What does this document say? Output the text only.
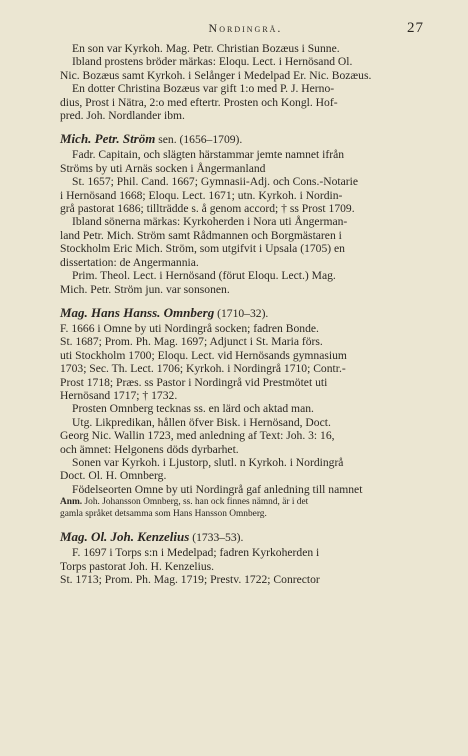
Nordingrå.	27
En son var Kyrkoh. Mag. Petr. Christian Bozæus i Sunne.
Ibland prostens bröder märkas: Eloqu. Lect. i Hernösand Ol.
Nic. Bozæus samt Kyrkoh. i Selånger i Medelpad Er. Nic. Bozæus.
En dotter Christina Bozæus var gift 1:o med P. J. Herno-
dius, Prost i Nätra, 2:o med eftertr. Prosten och Kongl. Hof-
pred. Joh. Nordlander ibm.
Mich. Petr. Ström sen. (1656–1709).
Fadr. Capitain, och slägten härstammar jemte namnet ifrån
Ströms by uti Arnäs socken i Ångermanland
St. 1657; Phil. Cand. 1667; Gymnasii-Adj. och Cons.-Notarie
i Hernösand 1668; Eloqu. Lect. 1671; utn. Kyrkoh. i Nordin-
grå pastorat 1686; tillträdde s. å genom accord; † ss Prost 1709.
Ibland sönerna märkas: Kyrkoherden i Nora uti Ångerman-
land Petr. Mich. Ström samt Rådmannen och Borgmästaren i
Stockholm Eric Mich. Ström, som utgifvit i Upsala (1705) en
dissertation: de Angermannia.
Prim. Theol. Lect. i Hernösand (förut Eloqu. Lect.) Mag.
Mich. Petr. Ström jun. var sonsonen.
Mag. Hans Hanss. Omnberg (1710–32).
F. 1666 i Omne by uti Nordingrå socken; fadren Bonde.
St. 1687; Prom. Ph. Mag. 1697; Adjunct i St. Maria förs.
uti Stockholm 1700; Eloqu. Lect. vid Hernösands gymnasium
1703; Sec. Th. Lect. 1706; Kyrkoh. i Nordingrå 1710; Contr.-
Prost 1718; Præs. ss Pastor i Nordingrå vid Prestmötet uti
Hernösand 1717; † 1732.
Prosten Omnberg tecknas ss. en lärd och aktad man.
Utg. Likpredikan, hållen öfver Bisk. i Hernösand, Doct.
Georg Nic. Wallin 1723, med anledning af Text: Joh. 3: 16,
och ämnet: Helgonens döds dyrbarhet.
Sonen var Kyrkoh. i Ljustorp, slutl. n Kyrkoh. i Nordingrå
Doct. Ol. H. Omnberg.
Födelseorten Omne by uti Nordingrå gaf anledning till namnet
Anm. Joh. Johansson Omnberg, ss. han ock finnes nämnd, är i det
gamla språket detsamma som Hans Hansson Omnberg.
Mag. Ol. Joh. Kenzelius (1733–53).
F. 1697 i Torps s:n i Medelpad; fadren Kyrkoherden i
Torps pastorat Joh. H. Kenzelius.
St. 1713; Prom. Ph. Mag. 1719; Prestv. 1722; Conrector
